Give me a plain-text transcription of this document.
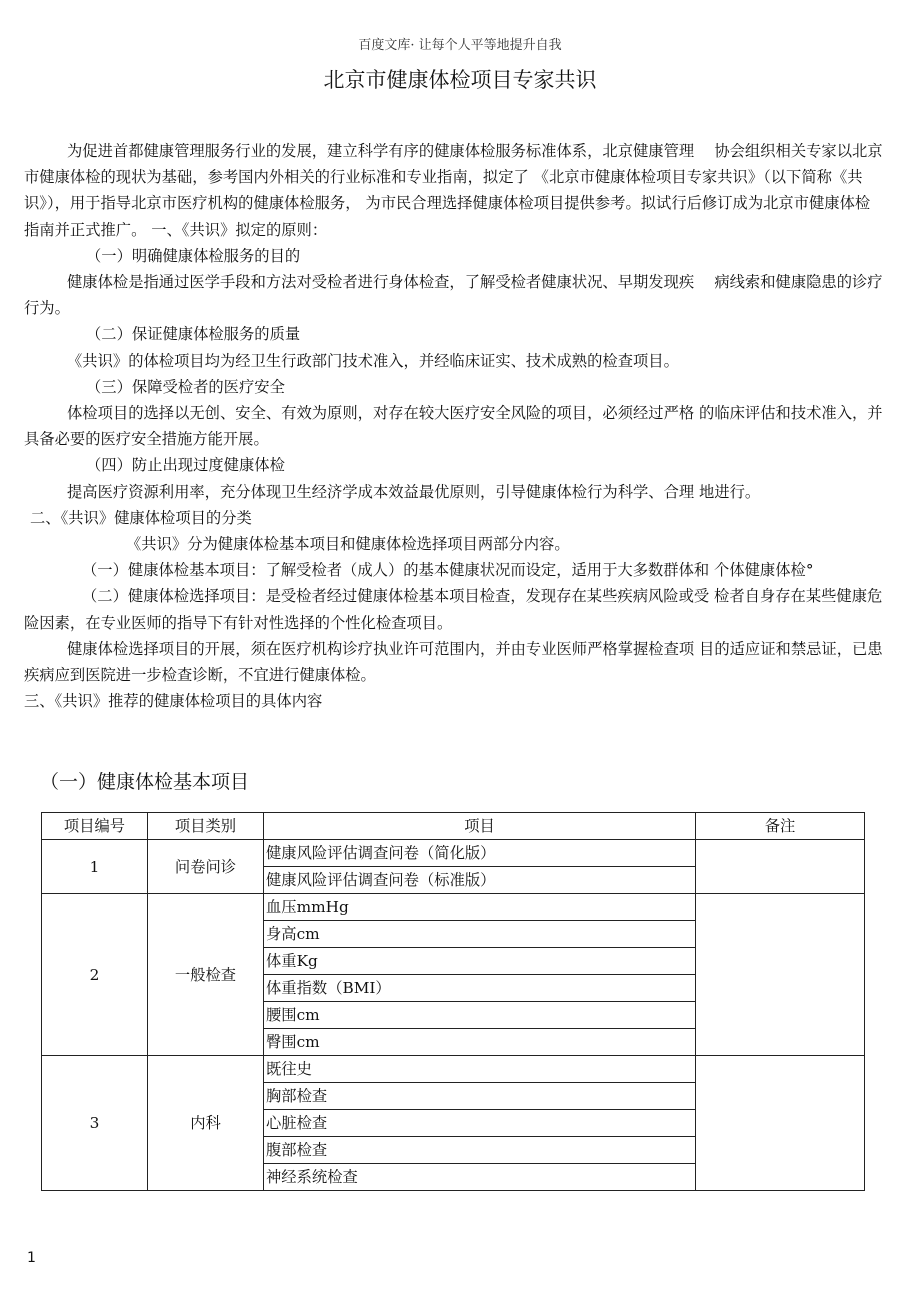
百度文库· 让每个人平等地提升自我
北京市健康体检项目专家共识

为促进首都健康管理服务行业的发展，建立科学有序的健康体检服务标准体系，北京健康管理　 协会组织相关专家以北京市健康体检的现状为基础，参考国内外相关的行业标准和专业指南，拟定了 《北京市健康体检项目专家共识》（以下简称《共识》），用于指导北京市医疗机构的健康体检服务， 为市民合理选择健康体检项目提供参考。拟试行后修订成为北京市健康体检指南并正式推广。 一、《共识》拟定的原则：

（一）明确健康体检服务的目的

健康体检是指通过医学手段和方法对受检者进行身体检查，了解受检者健康状况、早期发现疾　 病线索和健康隐患的诊疗行为。

（二）保证健康体检服务的质量

《共识》的体检项目均为经卫生行政部门技术准入，并经临床证实、技术成熟的检查项目。

（三）保障受检者的医疗安全

体检项目的选择以无创、安全、有效为原则，对存在较大医疗安全风险的项目，必须经过严格 的临床评估和技术准入，并具备必要的医疗安全措施方能开展。

（四）防止出现过度健康体检

提高医疗资源利用率，充分体现卫生经济学成本效益最优原则，引导健康体检行为科学、合理 地进行。

二、《共识》健康体检项目的分类

《共识》分为健康体检基本项目和健康体检选择项目两部分内容。

（一）健康体检基本项目：了解受检者（成人）的基本健康状况而设定，适用于大多数群体和 个体健康体检°

（二）健康体检选择项目：是受检者经过健康体检基本项目检查，发现存在某些疾病风险或受 检者自身存在某些健康危险因素，在专业医师的指导下有针对性选择的个性化检查项目。

健康体检选择项目的开展，须在医疗机构诊疗执业许可范围内，并由专业医师严格掌握检查项 目的适应证和禁忌证，已患疾病应到医院进一步检查诊断，不宜进行健康体检。

三、《共识》推荐的健康体检项目的具体内容

（一）健康体检基本项目
项目编号	项目类别	项目	备注
1	问卷问诊	健康风险评估调查问卷（简化版）	
		健康风险评估调查问卷（标准版）	
2	一般检查	血压mmHg	
		身高cm	
		体重Kg	
		体重指数（BMI）	
		腰围cm	
		臀围cm	
3	内科	既往史	
		胸部检查	
		心脏检查	
		腹部检查	
		神经系统检查	
1
